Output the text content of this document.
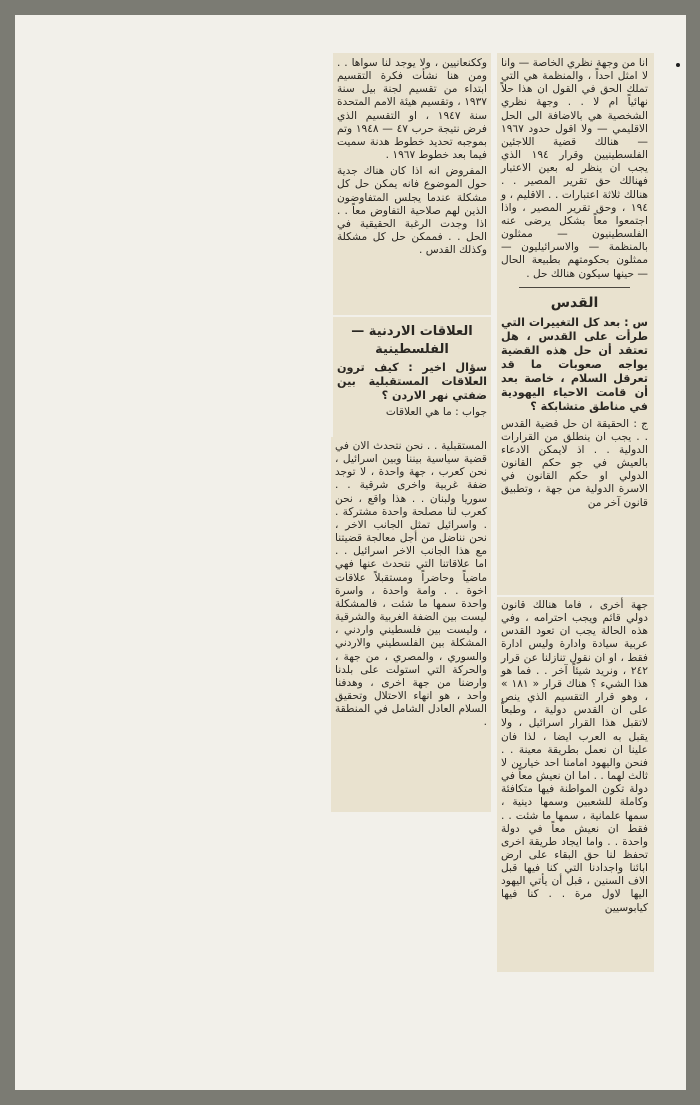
انا من وجهة نظري الخاصة — وانا لا امثل احداً ، والمنظمة هي التي تملك الحق في القول ان هذا حلاً نهائياً ام لا . . وجهة نظري الشخصية هي بالاضافة الى الحل الاقليمي — ولا اقول حدود ١٩٦٧ — هنالك قضية اللاجئين الفلسطينيين وقرار ١٩٤ الذي يجب ان ينظر له بعين الاعتبار فهنالك حق تقرير المصير . . هنالك ثلاثة اعتبارات . . الاقليم ، و ١٩٤ ، وحق تقرير المصير ، واذا اجتمعوا معاً بشكل يرضى عنه الفلسطينيون — ممثلون بالمنظمة — والاسرائيليون — ممثلون بحكومتهم بطبيعة الحال — حينها سيكون هنالك حل .

القدس

س : بعد كل التغييرات التي طرأت على القدس ، هل تعتقد أن حل هذه القضية يواجه صعوبات ما قد تعرقل السلام ، خاصة بعد أن قامت الاحياء اليهودية في مناطق متشابكة ؟

ج : الحقيقة ان حل قضية القدس . . يجب ان ينطلق من القرارات الدولية . . اذ لايمكن الادعاء بالعيش في جو حكم القانون الدولي او حكم القانون في الاسرة الدولية من جهة ، وتطبيق قانون آخر من

جهة أخرى ، فاما هنالك قانون دولي قائم ويجب احترامه ، وفي هذه الحالة يجب ان تعود القدس عربية سيادة وادارة وليس ادارة فقط ، او ان نقول تنازلنا عن قرار ٢٤٢ ، ونريد شيئاً آخر . . فما هو هذا الشيء ؟ هناك قرار « ١٨١ » ، وهو قرار التقسيم الذي ينص على ان القدس دولية ، وطبعاً لاتقبل هذا القرار اسرائيل ، ولا يقبل به العرب ايضا ، لذا فان علينا ان نعمل بطريقة معينة . . فنحن واليهود امامنا احد خيارين لا ثالث لهما . . اما ان نعيش معاً في دولة تكون المواطنة فيها متكافئة وكاملة للشعبين وسمها دينية ، سمها علمانية ، سمها ما شئت . . فقط ان نعيش معاً في دولة واحدة . . واما ايجاد طريقة اخرى تحفظ لنا حق البقاء على ارض ابائنا واجدادنا التي كنا فيها قبل الاف السنين ، قبل أن يأتي اليهود اليها لاول مرة . . كنا فيها كيابوسيين

وككنعانيين ، ولا يوجد لنا سواها . . ومن هنا نشأت فكرة التقسيم ابتداء من تقسيم لجنة بيل سنة ١٩٣٧ ، وتقسيم هيئة الامم المتحدة سنة ١٩٤٧ ، او التقسيم الذي فرض نتيجة حرب ٤٧ — ١٩٤٨ وتم بموجبه تحديد خطوط هدنة سميت فيما بعد خطوط ١٩٦٧ .

المفروض انه اذا كان هناك جدية حول الموضوع فانه يمكن حل كل مشكلة عندما يجلس المتفاوضون الذين لهم صلاحية التفاوض معاً . . اذا وجدت الرغبة الحقيقية في الحل . . فممكن حل كل مشكلة وكذلك القدس .

العلاقات الاردنية —
الفلسطينية

سؤال اخير : كيف ترون العلاقات المستقبلية بين ضفتي نهر الاردن ؟

جواب : ما هي العلاقات

المستقبلية . . نحن نتحدث الان في قضية سياسية بيننا وبين اسرائيل ، نحن كعرب ، جهة واحدة ، لا توجد ضفة غربية واخرى شرقية . . سوريا ولبنان . . هذا واقع ، نحن كعرب لنا مصلحة واحدة مشتركة . . واسرائيل تمثل الجانب الاخر ، نحن نناضل من أجل معالجة قضيتنا مع هذا الجانب الاخر اسرائيل . . اما علاقاتنا التي نتحدث عنها فهي ماضياً وحاضراً ومستقبلاً علاقات اخوة . . وامة واحدة ، واسرة واحدة سمها ما شئت ، فالمشكلة ليست بين الضفة الغربية والشرقية ، وليست بين فلسطيني واردني ، المشكلة بين الفلسطيني والاردني والسوري ، والمصري ، من جهة ، والحركة التي استولت على بلدنا وارضنا من جهة اخرى ، وهدفنا واحد ، هو انهاء الاحتلال وتحقيق السلام العادل الشامل في المنطقة .
